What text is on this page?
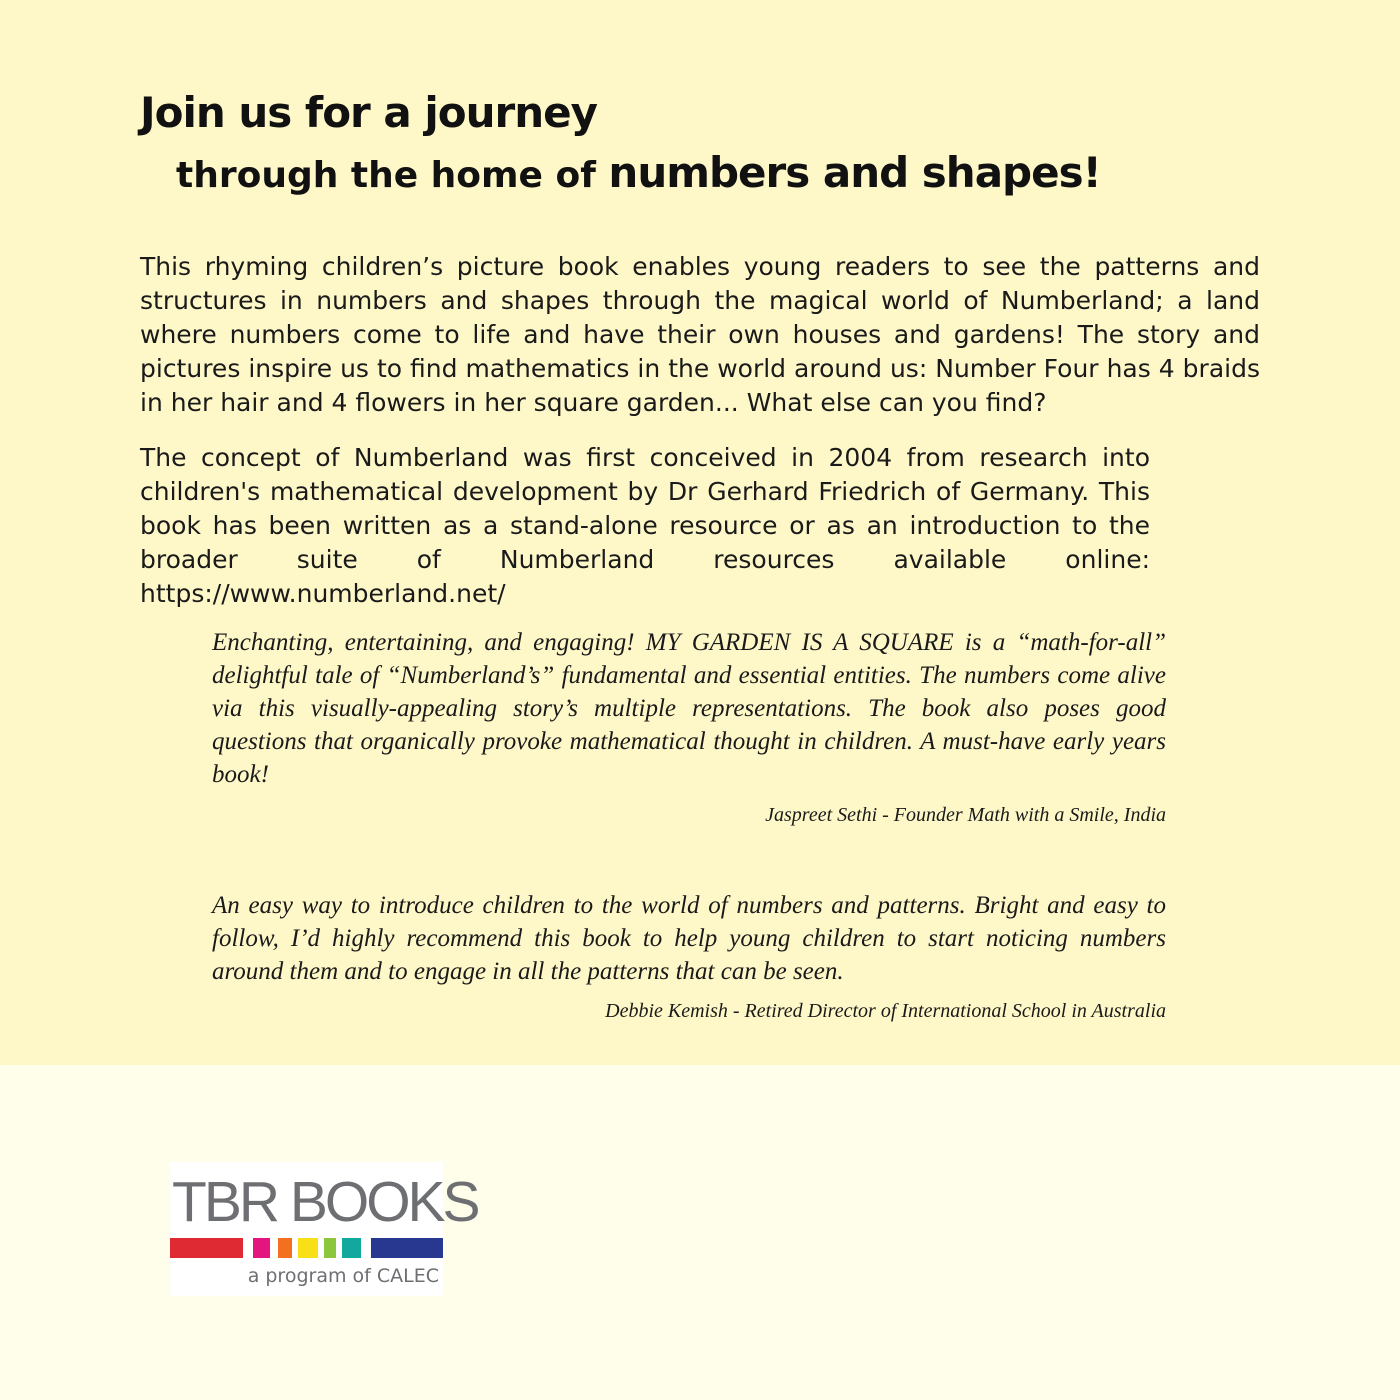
Join us for a journey
through the home of numbers and shapes!
This rhyming children’s picture book enables young readers to see the patterns and structures in numbers and shapes through the magical world of Numberland; a land where numbers come to life and have their own houses and gardens! The story and pictures inspire us to find mathematics in the world around us: Number Four has 4 braids in her hair and 4 flowers in her square garden... What else can you find?
The concept of Numberland was first conceived in 2004 from research into children's mathematical development by Dr Gerhard Friedrich of Germany. This book has been written as a stand-alone resource or as an introduction to the broader suite of Numberland resources available online: https://www.numberland.net/
Enchanting, entertaining, and engaging! MY GARDEN IS A SQUARE is a “math-for-all” delightful tale of “Numberland’s” fundamental and essential entities. The numbers come alive via this visually-appealing story’s multiple representations. The book also poses good questions that organically provoke mathematical thought in children. A must-have early years book!
Jaspreet Sethi - Founder Math with a Smile, India
An easy way to introduce children to the world of numbers and patterns. Bright and easy to follow, I’d highly recommend this book to help young children to start noticing numbers around them and to engage in all the patterns that can be seen.
Debbie Kemish - Retired Director of International School in Australia
TBR BOOKS
a program of CALEC
